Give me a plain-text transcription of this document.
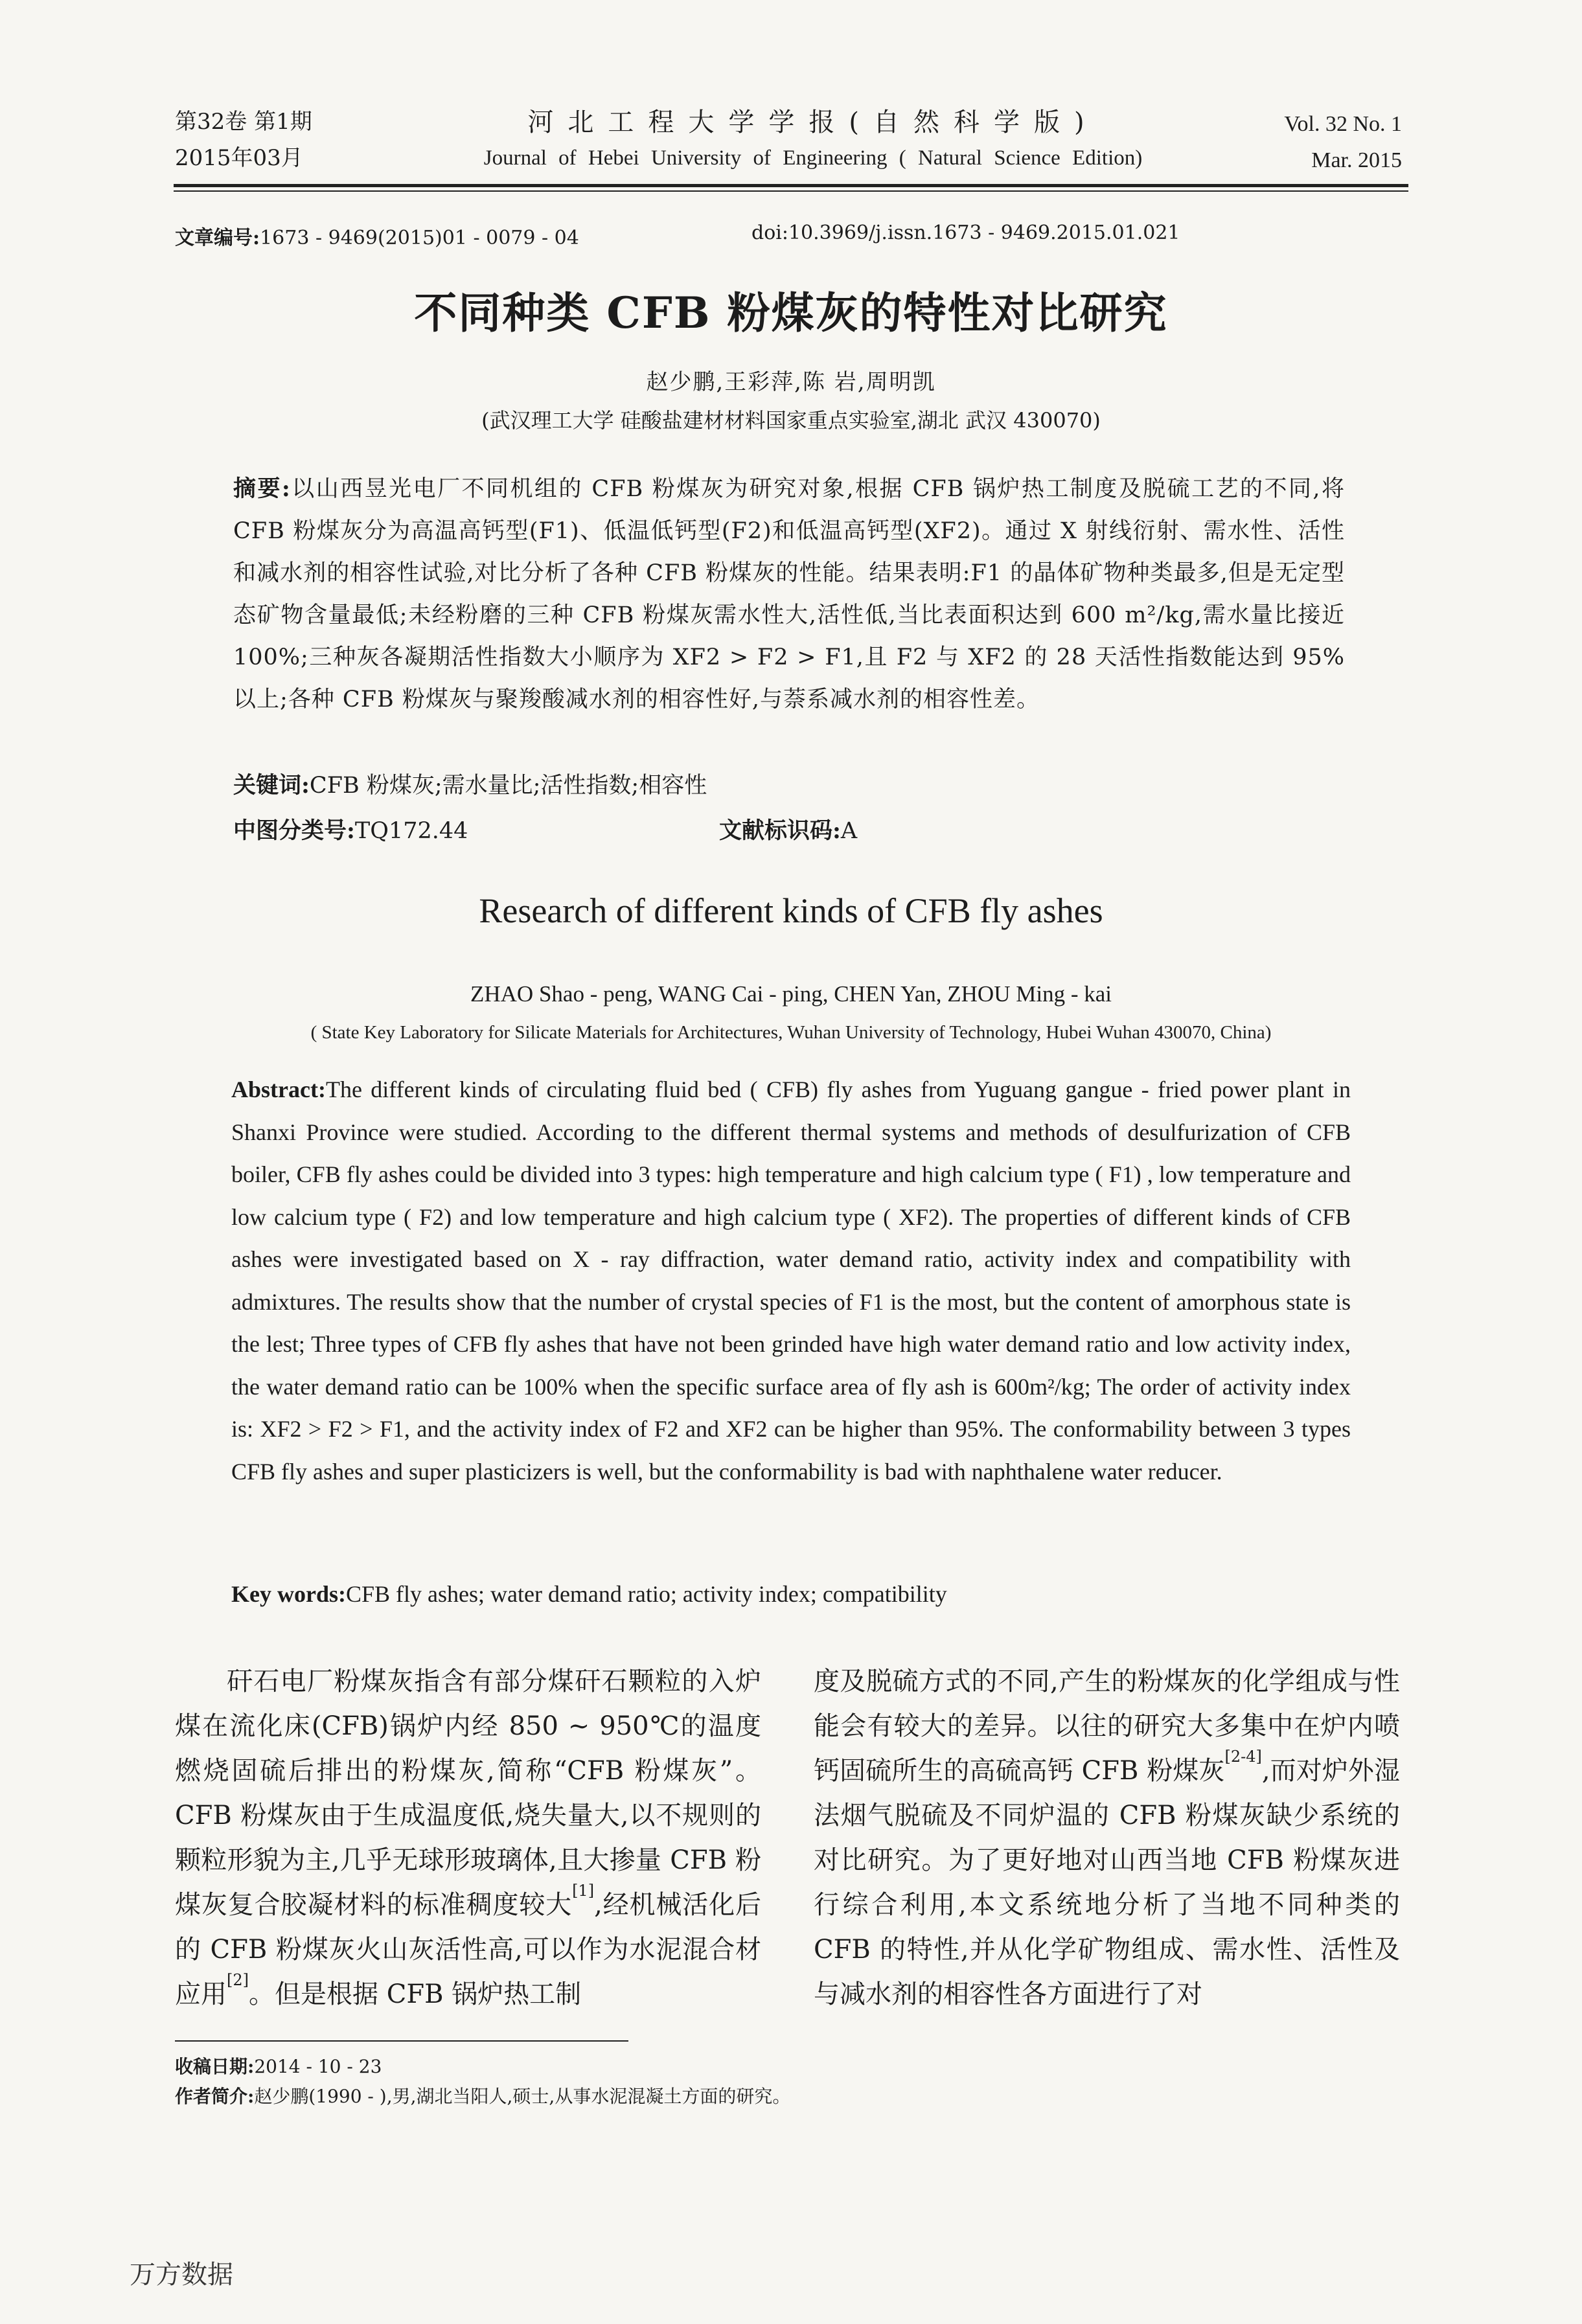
第32卷 第1期
2015年03月
河北工程大学学报(自然科学版)
Journal of Hebei University of Engineering ( Natural Science Edition)
Vol. 32 No. 1
Mar. 2015
文章编号:1673 - 9469(2015)01 - 0079 - 04	doi:10.3969/j.issn.1673 - 9469.2015.01.021
不同种类 CFB 粉煤灰的特性对比研究
赵少鹏,王彩萍,陈 岩,周明凯
(武汉理工大学 硅酸盐建材材料国家重点实验室,湖北 武汉 430070)
摘要:以山西昱光电厂不同机组的 CFB 粉煤灰为研究对象,根据 CFB 锅炉热工制度及脱硫工艺的不同,将 CFB 粉煤灰分为高温高钙型(F1)、低温低钙型(F2)和低温高钙型(XF2)。通过 X 射线衍射、需水性、活性和减水剂的相容性试验,对比分析了各种 CFB 粉煤灰的性能。结果表明:F1 的晶体矿物种类最多,但是无定型态矿物含量最低;未经粉磨的三种 CFB 粉煤灰需水性大,活性低,当比表面积达到 600 m²/kg,需水量比接近 100%;三种灰各凝期活性指数大小顺序为 XF2 > F2 > F1,且 F2 与 XF2 的 28 天活性指数能达到 95% 以上;各种 CFB 粉煤灰与聚羧酸减水剂的相容性好,与萘系减水剂的相容性差。
关键词:CFB 粉煤灰;需水量比;活性指数;相容性
中图分类号:TQ172.44	文献标识码:A
Research of different kinds of CFB fly ashes
ZHAO Shao - peng, WANG Cai - ping, CHEN Yan, ZHOU Ming - kai
( State Key Laboratory for Silicate Materials for Architectures, Wuhan University of Technology, Hubei Wuhan 430070, China)
Abstract:The different kinds of circulating fluid bed ( CFB) fly ashes from Yuguang gangue - fried power plant in Shanxi Province were studied. According to the different thermal systems and methods of desulfurization of CFB boiler, CFB fly ashes could be divided into 3 types: high temperature and high calcium type ( F1) , low temperature and low calcium type ( F2) and low temperature and high calcium type ( XF2). The properties of different kinds of CFB ashes were investigated based on X - ray diffraction, water demand ratio, activity index and compatibility with admixtures. The results show that the number of crystal species of F1 is the most, but the content of amorphous state is the lest; Three types of CFB fly ashes that have not been grinded have high water demand ratio and low activity index, the water demand ratio can be 100% when the specific surface area of fly ash is 600m²/kg; The order of activity index is: XF2 > F2 > F1, and the activity index of F2 and XF2 can be higher than 95%. The conformability between 3 types CFB fly ashes and super plasticizers is well, but the conformability is bad with naphthalene water reducer.
Key words:CFB fly ashes; water demand ratio; activity index; compatibility
矸石电厂粉煤灰指含有部分煤矸石颗粒的入炉煤在流化床(CFB)锅炉内经 850 ~ 950℃的温度燃烧固硫后排出的粉煤灰,简称“CFB 粉煤灰”。CFB 粉煤灰由于生成温度低,烧失量大,以不规则的颗粒形貌为主,几乎无球形玻璃体,且大掺量 CFB 粉煤灰复合胶凝材料的标准稠度较大[1],经机械活化后的 CFB 粉煤灰火山灰活性高,可以作为水泥混合材应用[2]。但是根据 CFB 锅炉热工制
度及脱硫方式的不同,产生的粉煤灰的化学组成与性能会有较大的差异。以往的研究大多集中在炉内喷钙固硫所生的高硫高钙 CFB 粉煤灰[2-4],而对炉外湿法烟气脱硫及不同炉温的 CFB 粉煤灰缺少系统的对比研究。为了更好地对山西当地 CFB 粉煤灰进行综合利用,本文系统地分析了当地不同种类的 CFB 的特性,并从化学矿物组成、需水性、活性及与减水剂的相容性各方面进行了对
收稿日期:2014 - 10 - 23
作者简介:赵少鹏(1990 - ),男,湖北当阳人,硕士,从事水泥混凝土方面的研究。
万方数据
